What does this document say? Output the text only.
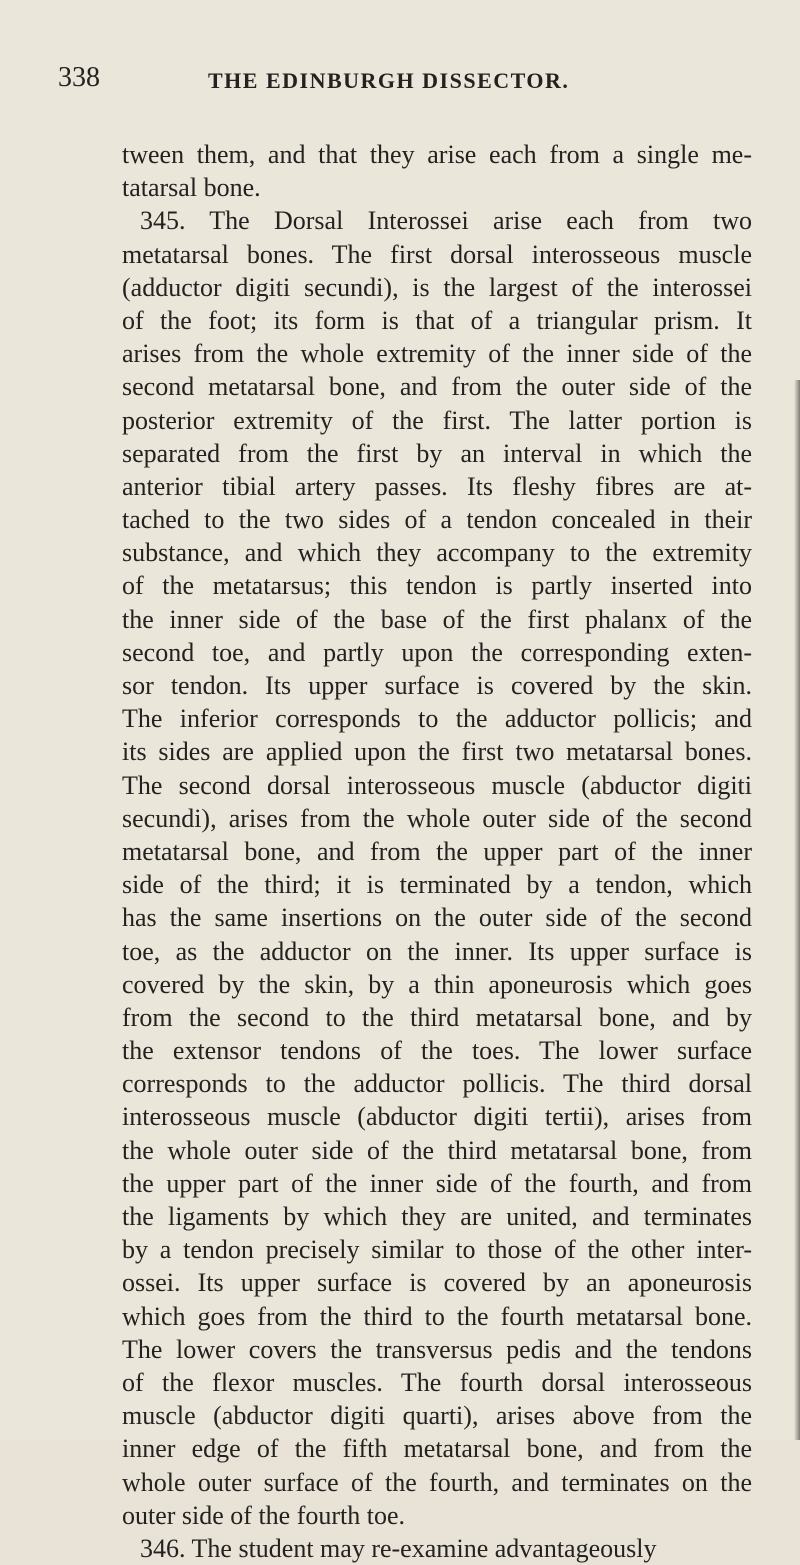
338	THE EDINBURGH DISSECTOR.
tween them, and that they arise each from a single me-
tatarsal bone.
345. The Dorsal Interossei arise each from two
metatarsal bones. The first dorsal interosseous muscle
(adductor digiti secundi), is the largest of the interossei
of the foot; its form is that of a triangular prism. It
arises from the whole extremity of the inner side of the
second metatarsal bone, and from the outer side of the
posterior extremity of the first. The latter portion is
separated from the first by an interval in which the
anterior tibial artery passes. Its fleshy fibres are at-
tached to the two sides of a tendon concealed in their
substance, and which they accompany to the extremity
of the metatarsus; this tendon is partly inserted into
the inner side of the base of the first phalanx of the
second toe, and partly upon the corresponding exten-
sor tendon. Its upper surface is covered by the skin.
The inferior corresponds to the adductor pollicis; and
its sides are applied upon the first two metatarsal bones.
The second dorsal interosseous muscle (abductor digiti
secundi), arises from the whole outer side of the second
metatarsal bone, and from the upper part of the inner
side of the third; it is terminated by a tendon, which
has the same insertions on the outer side of the second
toe, as the adductor on the inner. Its upper surface is
covered by the skin, by a thin aponeurosis which goes
from the second to the third metatarsal bone, and by
the extensor tendons of the toes. The lower surface
corresponds to the adductor pollicis. The third dorsal
interosseous muscle (abductor digiti tertii), arises from
the whole outer side of the third metatarsal bone, from
the upper part of the inner side of the fourth, and from
the ligaments by which they are united, and terminates
by a tendon precisely similar to those of the other inter-
ossei. Its upper surface is covered by an aponeurosis
which goes from the third to the fourth metatarsal bone.
The lower covers the transversus pedis and the tendons
of the flexor muscles. The fourth dorsal interosseous
muscle (abductor digiti quarti), arises above from the
inner edge of the fifth metatarsal bone, and from the
whole outer surface of the fourth, and terminates on the
outer side of the fourth toe.
346. The student may re-examine advantageously
